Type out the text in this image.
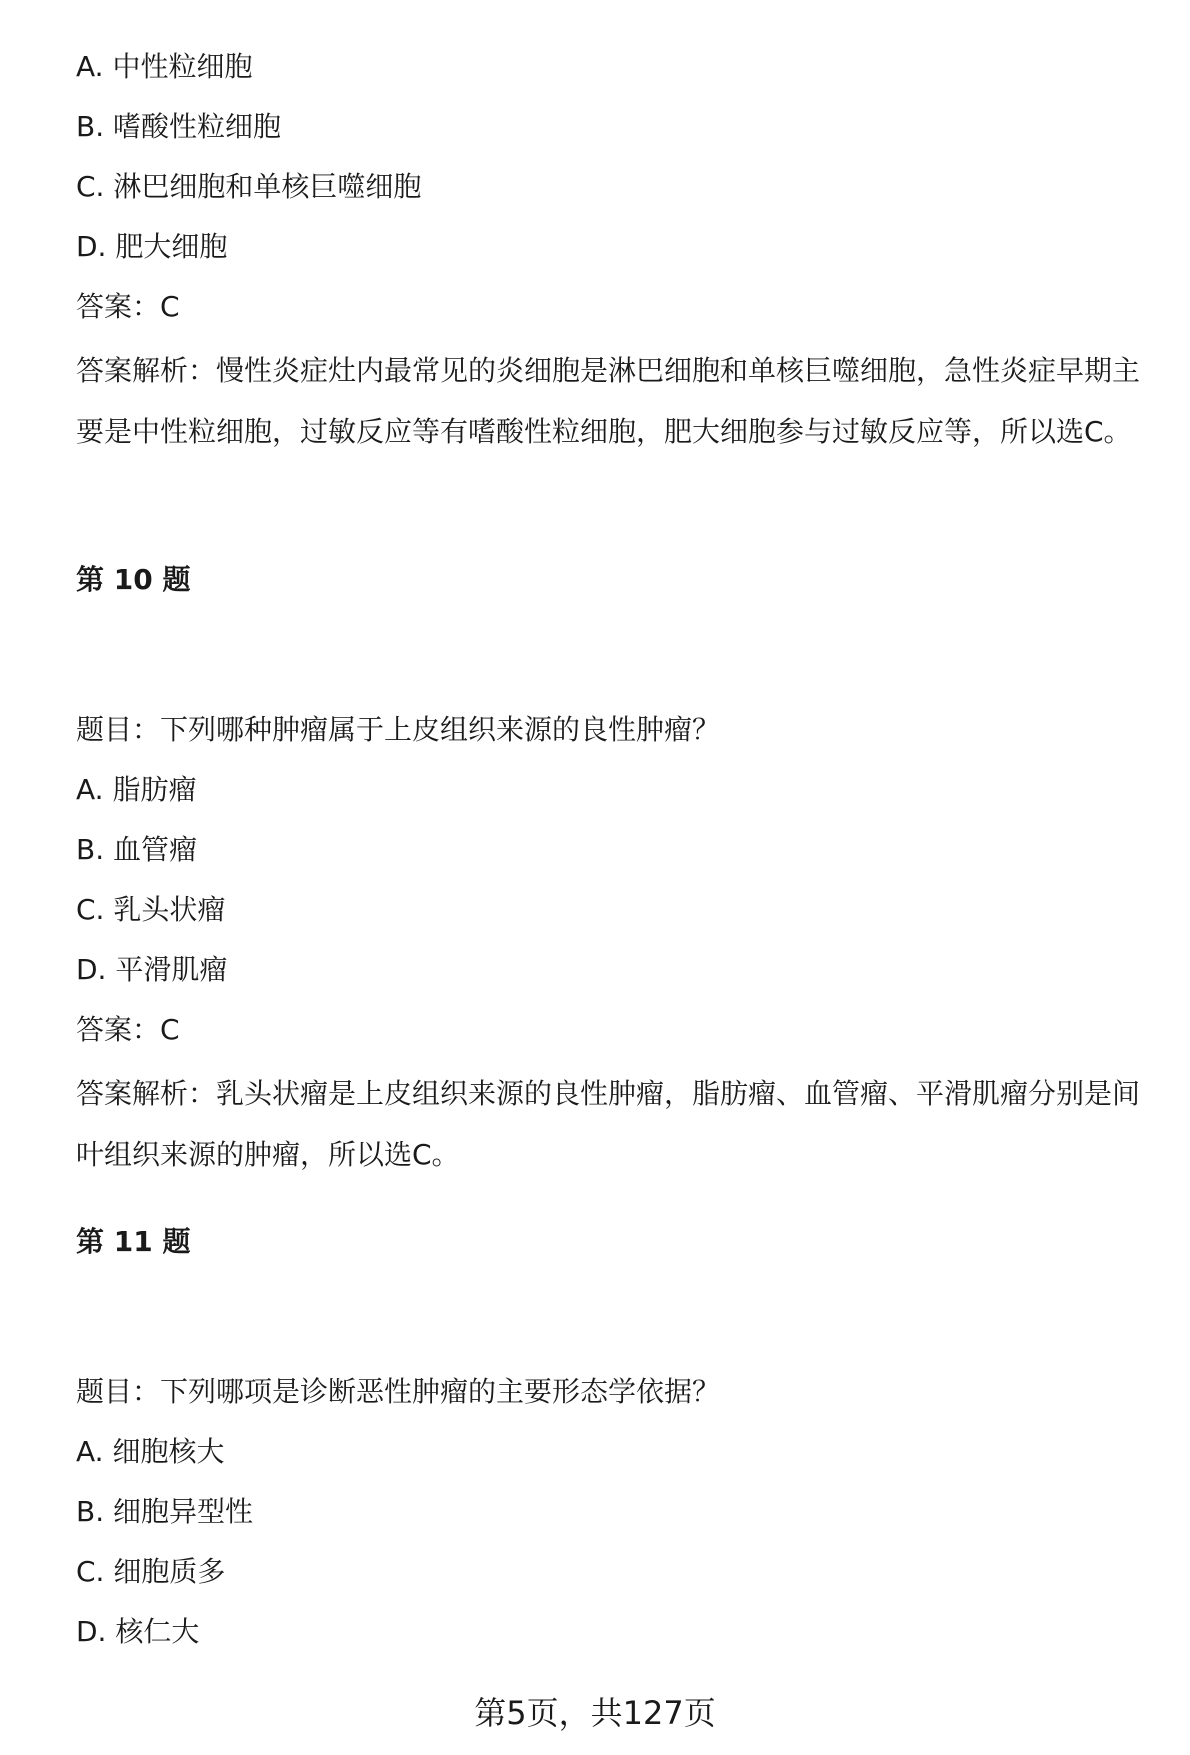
A. 中性粒细胞
B. 嗜酸性粒细胞
C. 淋巴细胞和单核巨噬细胞
D. 肥大细胞
答案：C
答案解析：慢性炎症灶内最常见的炎细胞是淋巴细胞和单核巨噬细胞，急性炎症早期主要是中性粒细胞，过敏反应等有嗜酸性粒细胞，肥大细胞参与过敏反应等，所以选C。
第 10 题
题目：下列哪种肿瘤属于上皮组织来源的良性肿瘤？
A. 脂肪瘤
B. 血管瘤
C. 乳头状瘤
D. 平滑肌瘤
答案：C
答案解析：乳头状瘤是上皮组织来源的良性肿瘤，脂肪瘤、血管瘤、平滑肌瘤分别是间叶组织来源的肿瘤，所以选C。
第 11 题
题目：下列哪项是诊断恶性肿瘤的主要形态学依据？
A. 细胞核大
B. 细胞异型性
C. 细胞质多
D. 核仁大
第5页，共127页
